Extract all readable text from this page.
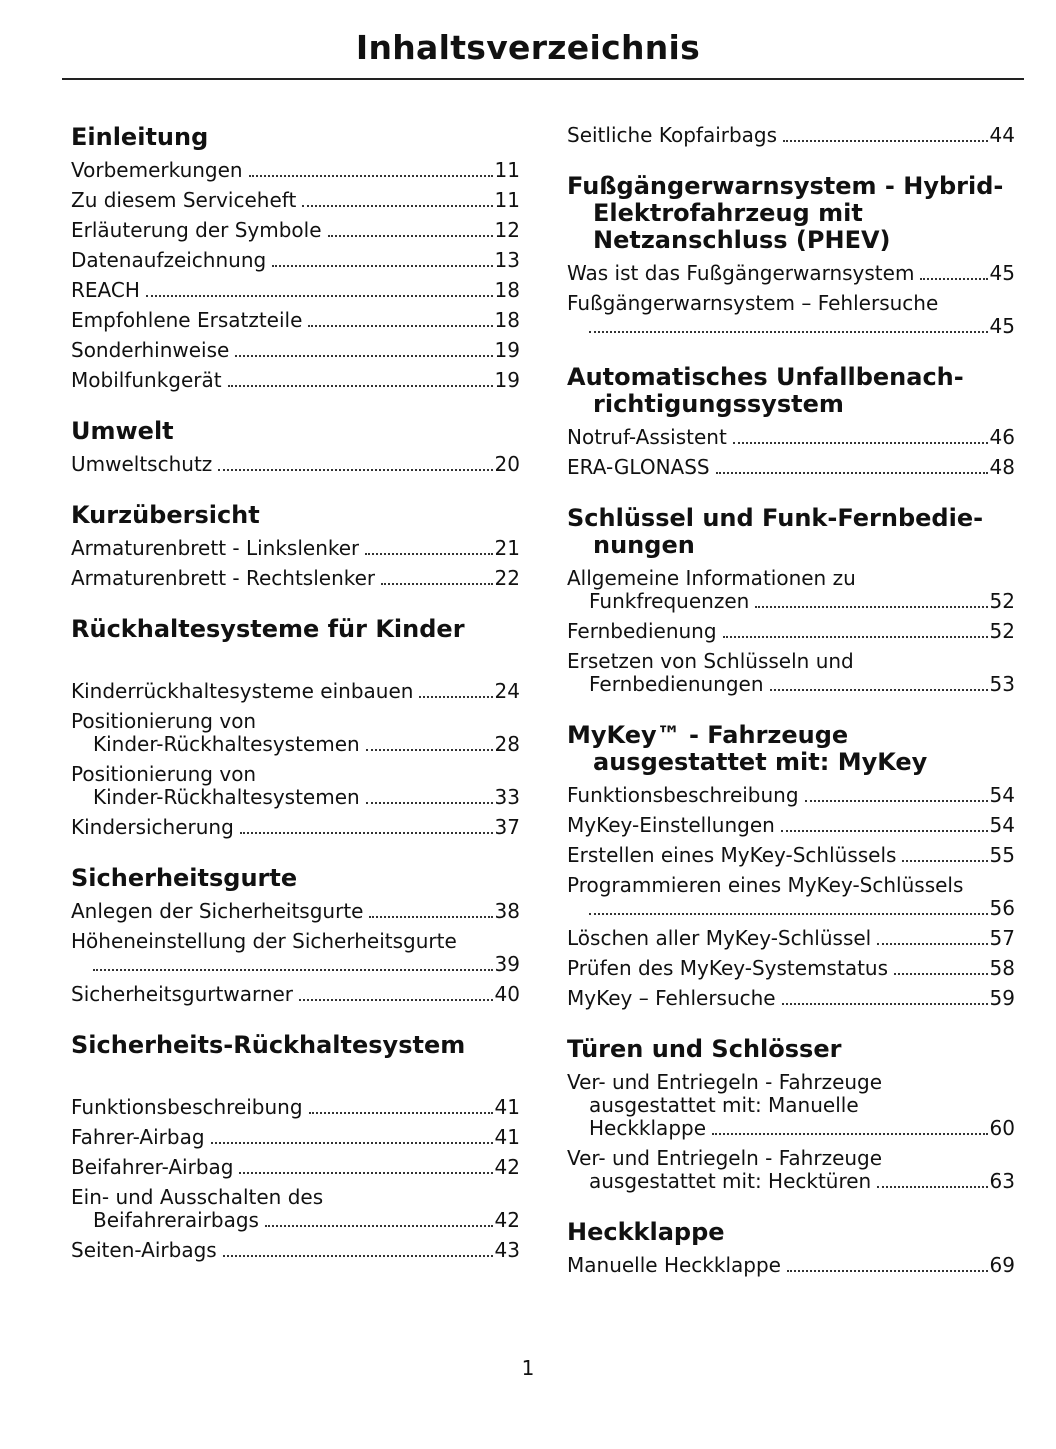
Inhaltsverzeichnis
Einleitung
Vorbemerkungen	11
Zu diesem Serviceheft	11
Erläuterung der Symbole	12
Datenaufzeichnung	13
REACH	18
Empfohlene Ersatzteile	18
Sonderhinweise	19
Mobilfunkgerät	19
Umwelt
Umweltschutz	20
Kurzübersicht
Armaturenbrett - Linkslenker	21
Armaturenbrett - Rechtslenker	22
Rückhaltesysteme für Kinder
Kinderrückhaltesysteme einbauen	24
Positionierung von
Kinder-Rückhaltesystemen	28
Positionierung von
Kinder-Rückhaltesystemen	33
Kindersicherung	37
Sicherheitsgurte
Anlegen der Sicherheitsgurte	38
Höheneinstellung der Sicherheitsgurte
39
Sicherheitsgurtwarner	40
Sicherheits-Rückhaltesystem
Funktionsbeschreibung	41
Fahrer-Airbag	41
Beifahrer-Airbag	42
Ein- und Ausschalten des
Beifahrerairbags	42
Seiten-Airbags	43
Seitliche Kopfairbags	44
Fußgängerwarnsystem - Hybrid-Elektrofahrzeug mit Netzanschluss (PHEV)
Was ist das Fußgängerwarnsystem	45
Fußgängerwarnsystem – Fehlersuche
45
Automatisches Unfallbenach-richtigungssystem
Notruf-Assistent	46
ERA-GLONASS	48
Schlüssel und Funk-Fernbedie-nungen
Allgemeine Informationen zu
Funkfrequenzen	52
Fernbedienung	52
Ersetzen von Schlüsseln und
Fernbedienungen	53
MyKey™ - Fahrzeuge ausgestattet mit: MyKey
Funktionsbeschreibung	54
MyKey-Einstellungen	54
Erstellen eines MyKey-Schlüssels	55
Programmieren eines MyKey-Schlüssels
56
Löschen aller MyKey-Schlüssel	57
Prüfen des MyKey-Systemstatus	58
MyKey – Fehlersuche	59
Türen und Schlösser
Ver- und Entriegeln - Fahrzeuge
ausgestattet mit: Manuelle
Heckklappe	60
Ver- und Entriegeln - Fahrzeuge
ausgestattet mit: Hecktüren	63
Heckklappe
Manuelle Heckklappe	69
1
